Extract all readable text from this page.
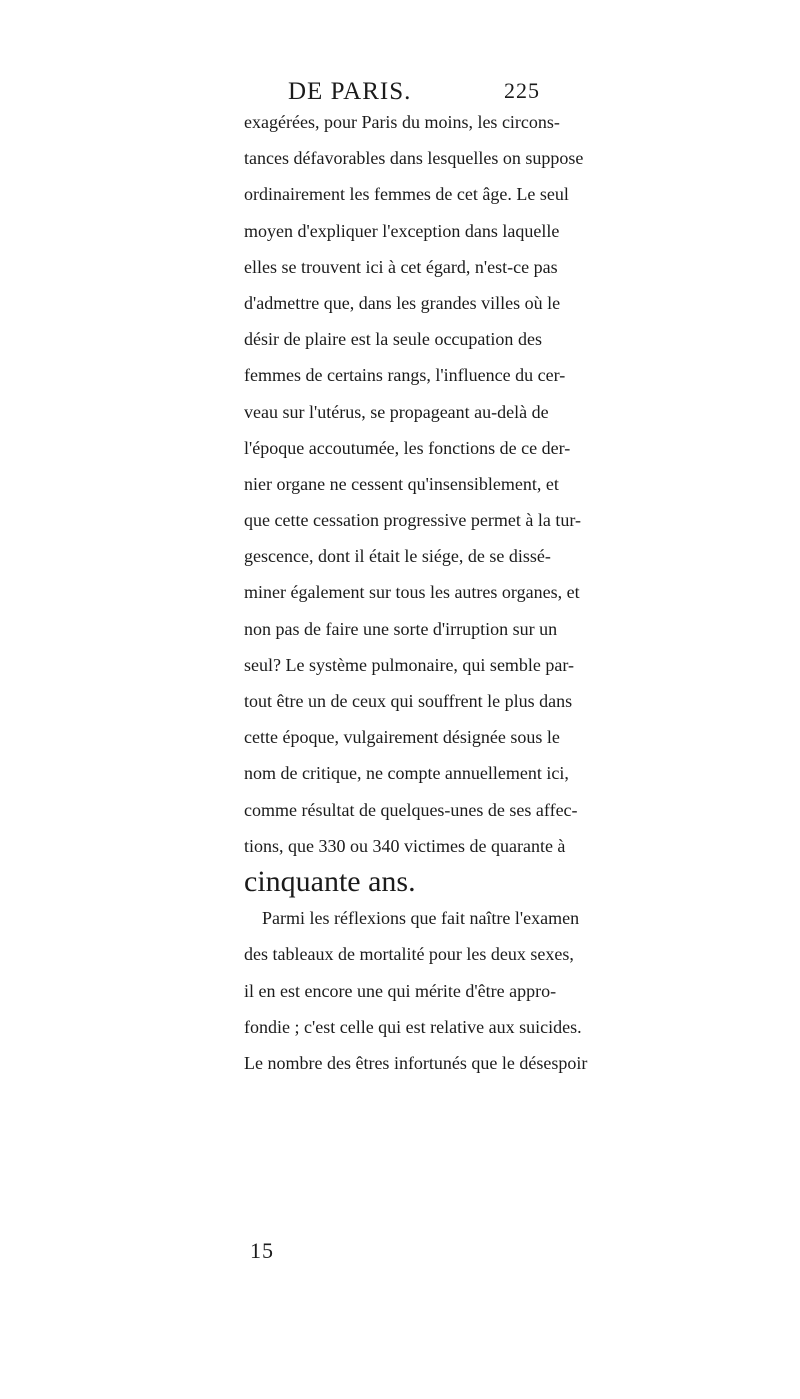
DE PARIS.	225
exagérées, pour Paris du moins, les circons-
tances défavorables dans lesquelles on suppose
ordinairement les femmes de cet âge. Le seul
moyen d'expliquer l'exception dans laquelle
elles se trouvent ici à cet égard, n'est-ce pas
d'admettre que, dans les grandes villes où le
désir de plaire est la seule occupation des
femmes de certains rangs, l'influence du cer-
veau sur l'utérus, se propageant au-delà de
l'époque accoutumée, les fonctions de ce der-
nier organe ne cessent qu'insensiblement, et
que cette cessation progressive permet à la tur-
gescence, dont il était le siége, de se dissé-
miner également sur tous les autres organes, et
non pas de faire une sorte d'irruption sur un
seul? Le système pulmonaire, qui semble par-
tout être un de ceux qui souffrent le plus dans
cette époque, vulgairement désignée sous le
nom de critique, ne compte annuellement ici,
comme résultat de quelques-unes de ses affec-
tions, que 330 ou 340 victimes de quarante à
cinquante ans.
Parmi les réflexions que fait naître l'examen
des tableaux de mortalité pour les deux sexes,
il en est encore une qui mérite d'être appro-
fondie ; c'est celle qui est relative aux suicides.
Le nombre des êtres infortunés que le désespoir
15
